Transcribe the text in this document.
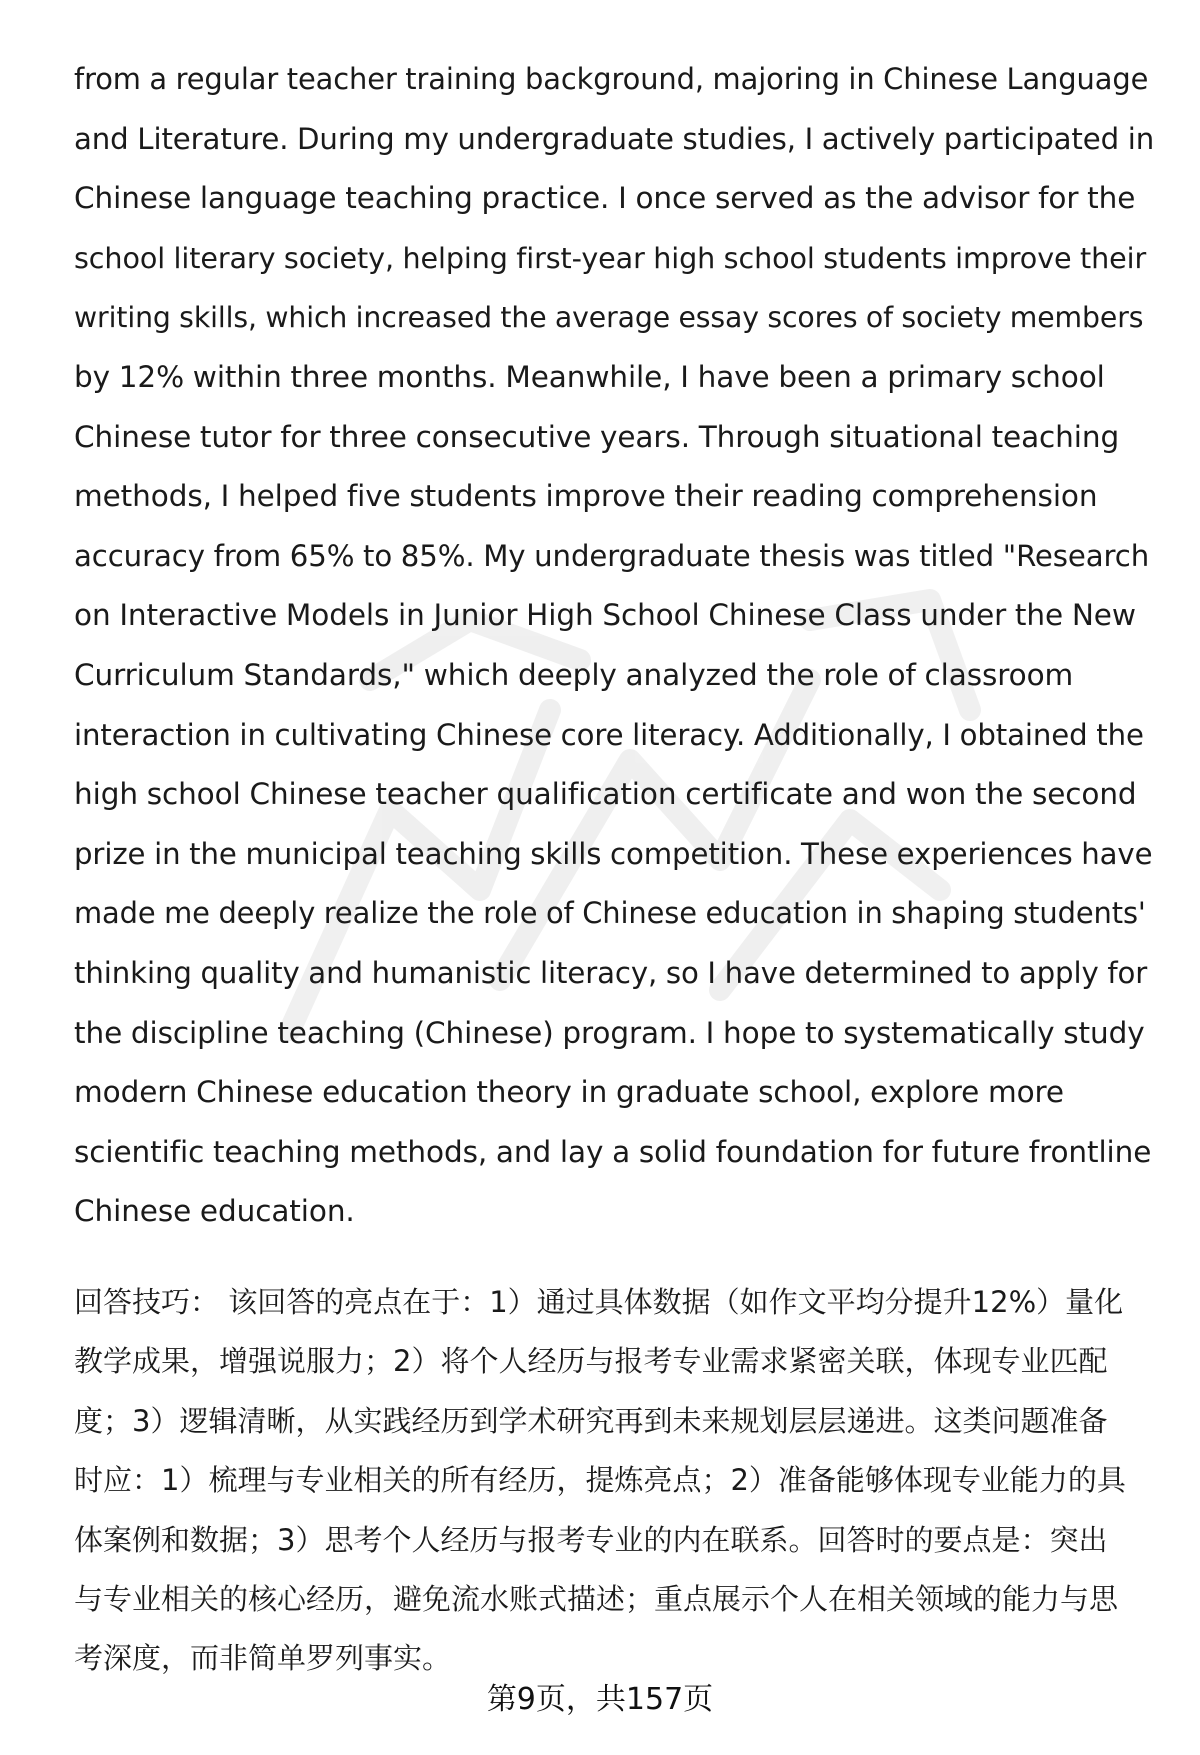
from a regular teacher training background, majoring in Chinese Language
and Literature. During my undergraduate studies, I actively participated in
Chinese language teaching practice. I once served as the advisor for the
school literary society, helping first-year high school students improve their
writing skills, which increased the average essay scores of society members
by 12% within three months. Meanwhile, I have been a primary school
Chinese tutor for three consecutive years. Through situational teaching
methods, I helped five students improve their reading comprehension
accuracy from 65% to 85%. My undergraduate thesis was titled "Research
on Interactive Models in Junior High School Chinese Class under the New
Curriculum Standards," which deeply analyzed the role of classroom
interaction in cultivating Chinese core literacy. Additionally, I obtained the
high school Chinese teacher qualification certificate and won the second
prize in the municipal teaching skills competition. These experiences have
made me deeply realize the role of Chinese education in shaping students'
thinking quality and humanistic literacy, so I have determined to apply for
the discipline teaching (Chinese) program. I hope to systematically study
modern Chinese education theory in graduate school, explore more
scientific teaching methods, and lay a solid foundation for future frontline
Chinese education.

回答技巧： 该回答的亮点在于：1）通过具体数据（如作文平均分提升12%）量化
教学成果，增强说服力；2）将个人经历与报考专业需求紧密关联，体现专业匹配
度；3）逻辑清晰，从实践经历到学术研究再到未来规划层层递进。这类问题准备
时应：1）梳理与专业相关的所有经历，提炼亮点；2）准备能够体现专业能力的具
体案例和数据；3）思考个人经历与报考专业的内在联系。回答时的要点是：突出
与专业相关的核心经历，避免流水账式描述；重点展示个人在相关领域的能力与思
考深度，而非简单罗列事实。

第9页，共157页
